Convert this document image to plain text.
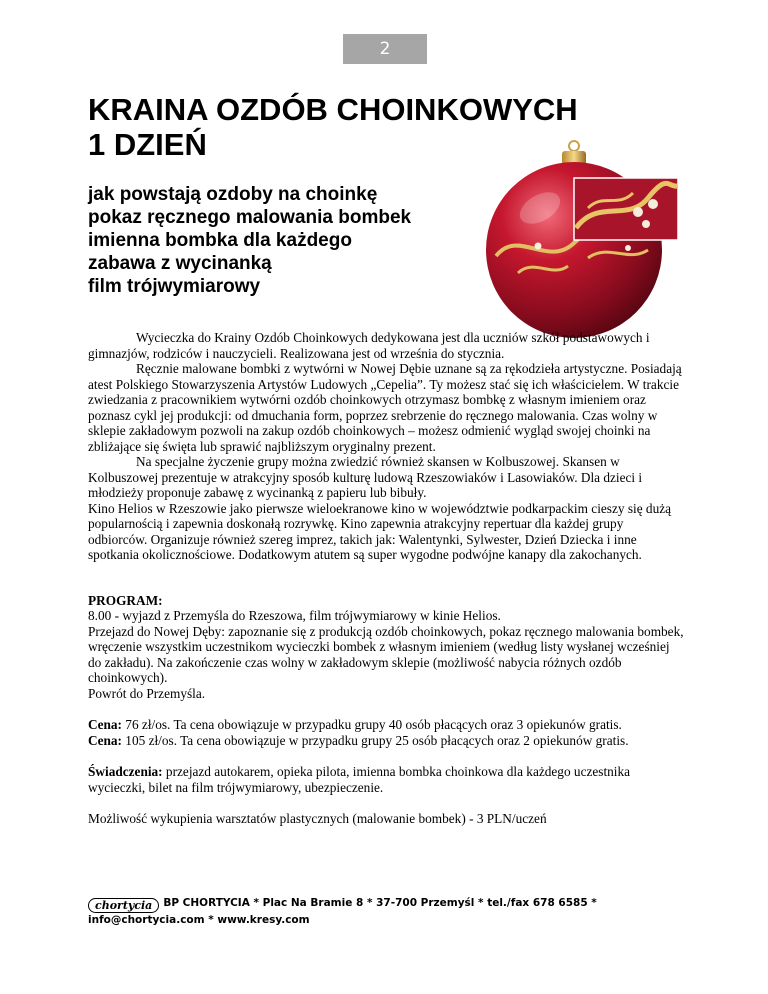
2
KRAINA OZDÓB CHOINKOWYCH
1 DZIEŃ
jak powstają ozdoby na choinkę
pokaz ręcznego malowania bombek
imienna bombka dla każdego
zabawa z wycinanką
film trójwymiarowy

Wycieczka do Krainy Ozdób Choinkowych dedykowana jest dla uczniów szkół podstawowych i gimnazjów, rodziców i nauczycieli. Realizowana jest od września do stycznia.

Ręcznie malowane bombki z wytwórni w Nowej Dębie uznane są za rękodzieła artystyczne. Posiadają atest Polskiego Stowarzyszenia Artystów Ludowych „Cepelia”. Ty możesz stać się ich właścicielem. W trakcie zwiedzania z pracownikiem wytwórni ozdób choinkowych otrzymasz bombkę z własnym imieniem oraz poznasz cykl jej produkcji: od dmuchania form, poprzez srebrzenie do ręcznego malowania. Czas wolny w sklepie zakładowym pozwoli na zakup ozdób choinkowych – możesz odmienić wygląd swojej choinki na zbliżające się święta lub sprawić najbliższym oryginalny prezent.

Na specjalne życzenie grupy można zwiedzić również skansen w Kolbuszowej. Skansen w Kolbuszowej prezentuje w atrakcyjny sposób kulturę ludową Rzeszowiaków i Lasowiaków. Dla dzieci i młodzieży proponuje zabawę z wycinanką z papieru lub bibuły.

Kino Helios w Rzeszowie jako pierwsze wieloekranowe kino w województwie podkarpackim cieszy się dużą popularnością i zapewnia doskonałą rozrywkę. Kino zapewnia atrakcyjny repertuar dla każdej grupy odbiorców. Organizuje również szereg imprez, takich jak: Walentynki, Sylwester, Dzień Dziecka i inne spotkania okolicznościowe. Dodatkowym atutem są super wygodne podwójne kanapy dla zakochanych.

PROGRAM:

8.00 - wyjazd z Przemyśla do Rzeszowa, film trójwymiarowy w kinie Helios.

Przejazd do Nowej Dęby: zapoznanie się z produkcją ozdób choinkowych, pokaz ręcznego malowania bombek, wręczenie wszystkim uczestnikom wycieczki bombek z własnym imieniem (według listy wysłanej wcześniej do zakładu). Na zakończenie czas wolny w zakładowym sklepie (możliwość nabycia różnych ozdób choinkowych).

Powrót do Przemyśla.

Cena: 76 zł/os. Ta cena obowiązuje w przypadku grupy 40 osób płacących oraz 3 opiekunów gratis.

Cena: 105 zł/os. Ta cena obowiązuje w przypadku grupy 25 osób płacących oraz 2 opiekunów gratis.

Świadczenia: przejazd autokarem, opieka pilota, imienna bombka choinkowa dla każdego uczestnika wycieczki, bilet na film trójwymiarowy, ubezpieczenie.

Możliwość wykupienia warsztatów plastycznych (malowanie bombek) - 3 PLN/uczeń

chortycia BP CHORTYCIA * Plac Na Bramie 8 * 37-700 Przemyśl * tel./fax 678 6585 * info@chortycia.com * www.kresy.com
